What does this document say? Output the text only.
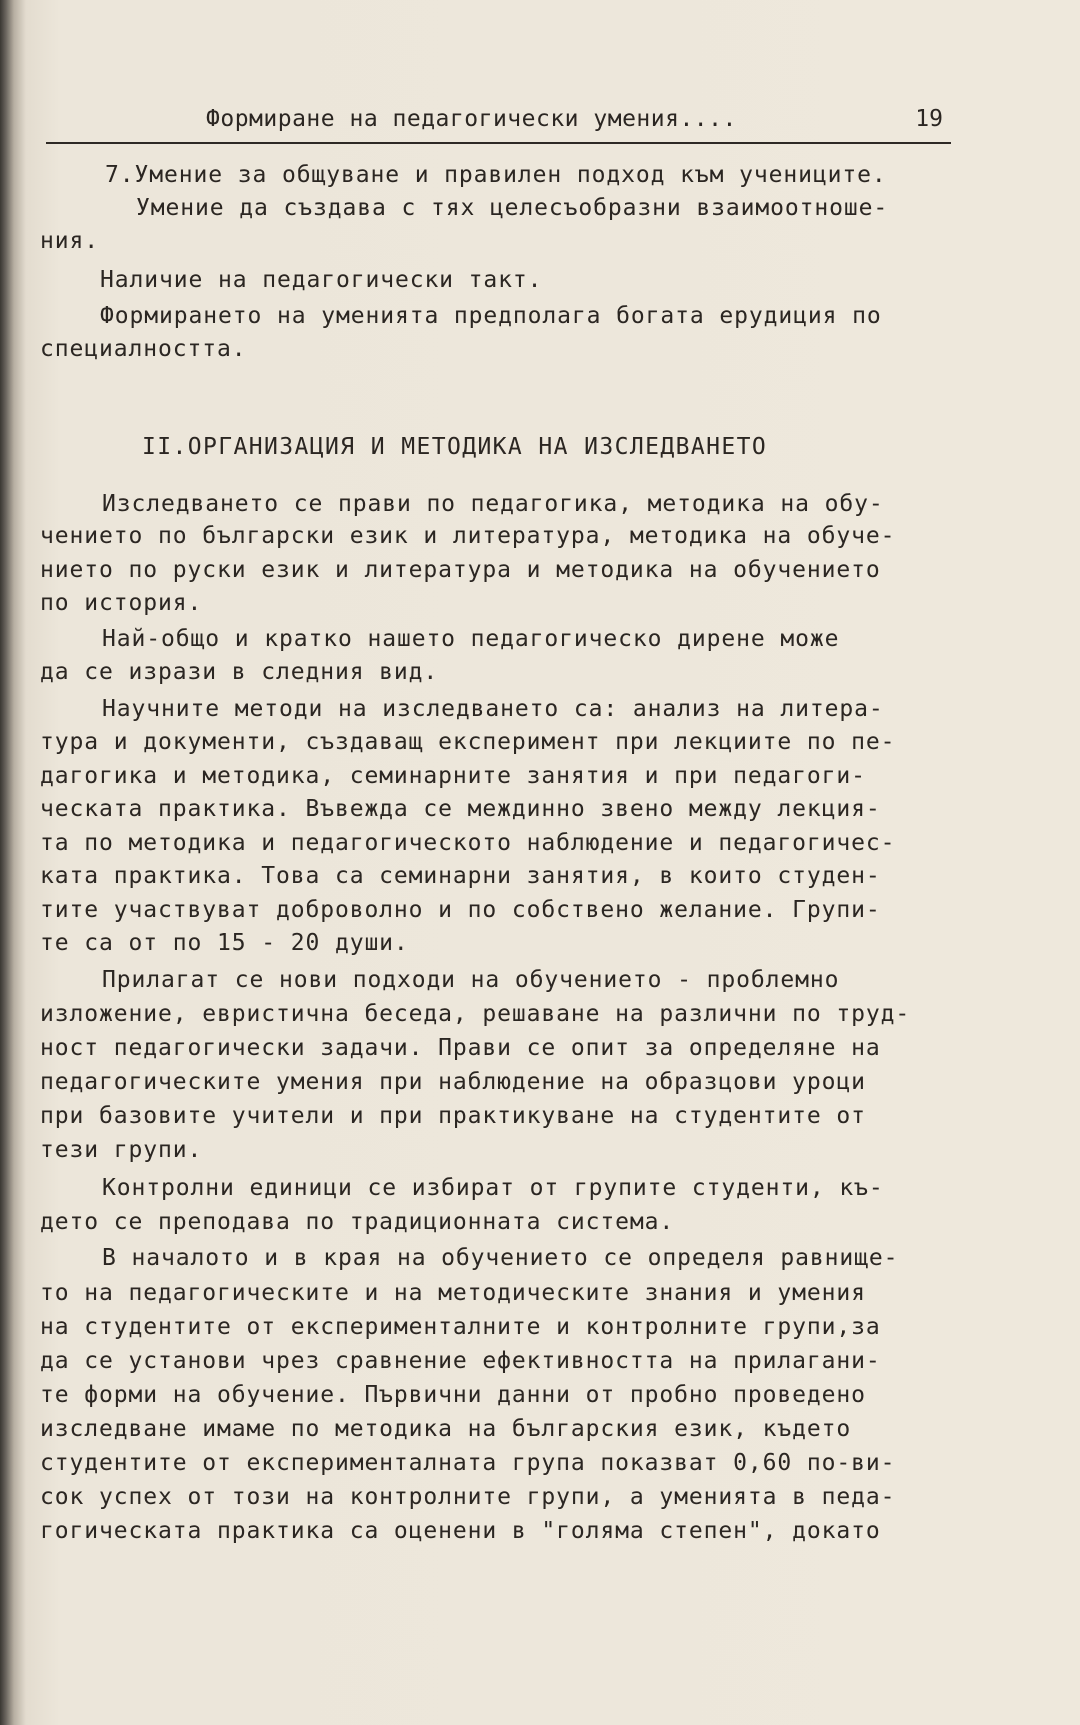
Формиране на педагогически умения....	19
7.Умение за общуване и правилен подход към учениците.
Умение да създава с тях целесъобразни взаимоотноше-
ния.
Наличие на педагогически такт.
Формирането на уменията предполага богата ерудиция по
специалността.
II.ОРГАНИЗАЦИЯ И МЕТОДИКА НА ИЗСЛЕДВАНЕТО
Изследването се прави по педагогика, методика на обу-
чението по български език и литература, методика на обуче-
нието по руски език и литература и методика на обучението
по история.
Най-общо и кратко нашето педагогическо дирене може
да се изрази в следния вид.
Научните методи на изследването са: анализ на литера-
тура и документи, създаващ експеримент при лекциите по пе-
дагогика и методика, семинарните занятия и при педагоги-
ческата практика. Въвежда се междинно звено между лекция-
та по методика и педагогическото наблюдение и педагогичес-
ката практика. Това са семинарни занятия, в които студен-
тите участвуват доброволно и по собствено желание. Групи-
те са от по 15 - 20 души.
Прилагат се нови подходи на обучението - проблемно
изложение, евристична беседа, решаване на различни по труд-
ност педагогически задачи. Прави се опит за определяне на
педагогическите умения при наблюдение на образцови уроци
при базовите учители и при практикуване на студентите от
тези групи.
Контролни единици се избират от групите студенти, къ-
дето се преподава по традиционната система.
В началото и в края на обучението се определя равнище-
то на педагогическите и на методическите знания и умения
на студентите от експерименталните и контролните групи,за
да се установи чрез сравнение ефективността на прилагани-
те форми на обучение. Първични данни от пробно проведено
изследване имаме по методика на българския език, където
студентите от експерименталната група показват 0,60 по-ви-
сок успех от този на контролните групи, а уменията в педа-
гогическата практика са оценени в "голяма степен", докато
